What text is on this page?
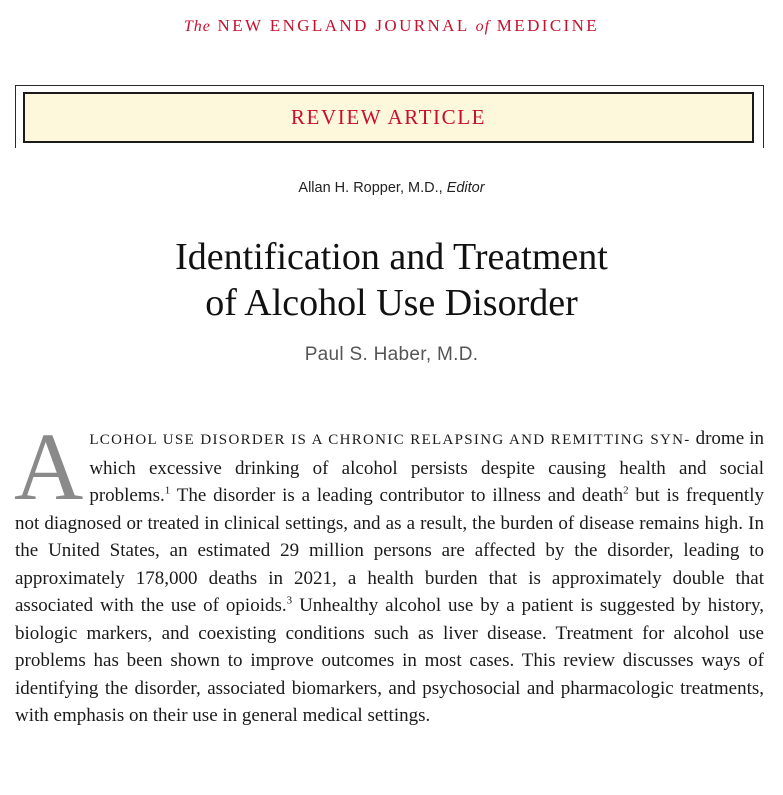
The NEW ENGLAND JOURNAL of MEDICINE
REVIEW ARTICLE
Allan H. Ropper, M.D., Editor
Identification and Treatment
of Alcohol Use Disorder
Paul S. Haber, M.D.

ALCOHOL USE DISORDER IS A CHRONIC RELAPSING AND REMITTING SYN- drome in which excessive drinking of alcohol persists despite causing health and social problems.$^1$ The disorder is a leading contributor to illness and death$^2$ but is frequently not diagnosed or treated in clinical settings, and as a result, the burden of disease remains high. In the United States, an estimated 29 million persons are affected by the disorder, leading to approximately 178,000 deaths in 2021, a health burden that is approximately double that associated with the use of opioids.$^3$ Unhealthy alcohol use by a patient is suggested by history, biologic markers, and coexisting conditions such as liver disease. Treatment for alcohol use problems has been shown to improve outcomes in most cases. This review discusses ways of identifying the disorder, associated biomarkers, and psychosocial and pharmacologic treatments, with emphasis on their use in general medical settings.
